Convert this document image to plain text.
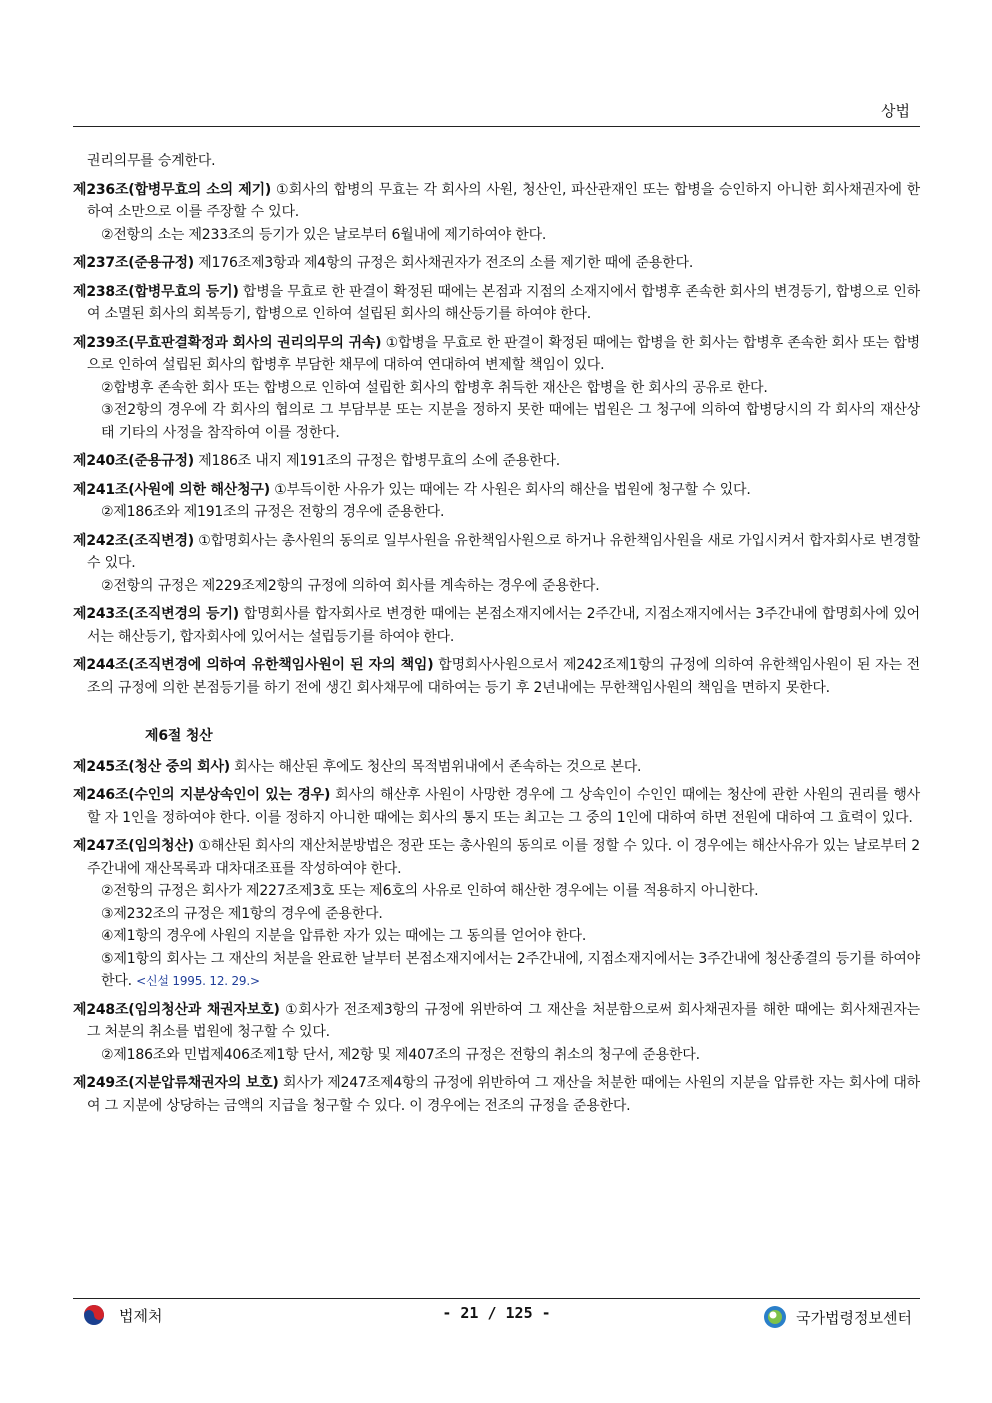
상법
권리의무를 승계한다.
제236조(합병무효의 소의 제기) ①회사의 합병의 무효는 각 회사의 사원, 청산인, 파산관재인 또는 합병을 승인하지 아니한 회사채권자에 한하여 소만으로 이를 주장할 수 있다.
②전항의 소는 제233조의 등기가 있은 날로부터 6월내에 제기하여야 한다.
제237조(준용규정) 제176조제3항과 제4항의 규정은 회사채권자가 전조의 소를 제기한 때에 준용한다.
제238조(합병무효의 등기) 합병을 무효로 한 판결이 확정된 때에는 본점과 지점의 소재지에서 합병후 존속한 회사의 변경등기, 합병으로 인하여 소멸된 회사의 회복등기, 합병으로 인하여 설립된 회사의 해산등기를 하여야 한다.
제239조(무효판결확정과 회사의 권리의무의 귀속) ①합병을 무효로 한 판결이 확정된 때에는 합병을 한 회사는 합병후 존속한 회사 또는 합병으로 인하여 설립된 회사의 합병후 부담한 채무에 대하여 연대하여 변제할 책임이 있다.
②합병후 존속한 회사 또는 합병으로 인하여 설립한 회사의 합병후 취득한 재산은 합병을 한 회사의 공유로 한다.
③전2항의 경우에 각 회사의 협의로 그 부담부분 또는 지분을 정하지 못한 때에는 법원은 그 청구에 의하여 합병당시의 각 회사의 재산상태 기타의 사정을 참작하여 이를 정한다.
제240조(준용규정) 제186조 내지 제191조의 규정은 합병무효의 소에 준용한다.
제241조(사원에 의한 해산청구) ①부득이한 사유가 있는 때에는 각 사원은 회사의 해산을 법원에 청구할 수 있다.
②제186조와 제191조의 규정은 전항의 경우에 준용한다.
제242조(조직변경) ①합명회사는 총사원의 동의로 일부사원을 유한책임사원으로 하거나 유한책임사원을 새로 가입시켜서 합자회사로 변경할 수 있다.
②전항의 규정은 제229조제2항의 규정에 의하여 회사를 계속하는 경우에 준용한다.
제243조(조직변경의 등기) 합명회사를 합자회사로 변경한 때에는 본점소재지에서는 2주간내, 지점소재지에서는 3주간내에 합명회사에 있어서는 해산등기, 합자회사에 있어서는 설립등기를 하여야 한다.
제244조(조직변경에 의하여 유한책임사원이 된 자의 책임) 합명회사사원으로서 제242조제1항의 규정에 의하여 유한책임사원이 된 자는 전조의 규정에 의한 본점등기를 하기 전에 생긴 회사채무에 대하여는 등기 후 2년내에는 무한책임사원의 책임을 면하지 못한다.
제6절 청산
제245조(청산 중의 회사) 회사는 해산된 후에도 청산의 목적범위내에서 존속하는 것으로 본다.
제246조(수인의 지분상속인이 있는 경우) 회사의 해산후 사원이 사망한 경우에 그 상속인이 수인인 때에는 청산에 관한 사원의 권리를 행사할 자 1인을 정하여야 한다. 이를 정하지 아니한 때에는 회사의 통지 또는 최고는 그 중의 1인에 대하여 하면 전원에 대하여 그 효력이 있다.
제247조(임의청산) ①해산된 회사의 재산처분방법은 정관 또는 총사원의 동의로 이를 정할 수 있다. 이 경우에는 해산사유가 있는 날로부터 2주간내에 재산목록과 대차대조표를 작성하여야 한다.
②전항의 규정은 회사가 제227조제3호 또는 제6호의 사유로 인하여 해산한 경우에는 이를 적용하지 아니한다.
③제232조의 규정은 제1항의 경우에 준용한다.
④제1항의 경우에 사원의 지분을 압류한 자가 있는 때에는 그 동의를 얻어야 한다.
⑤제1항의 회사는 그 재산의 처분을 완료한 날부터 본점소재지에서는 2주간내에, 지점소재지에서는 3주간내에 청산종결의 등기를 하여야 한다. <신설 1995. 12. 29.>
제248조(임의청산과 채권자보호) ①회사가 전조제3항의 규정에 위반하여 그 재산을 처분함으로써 회사채권자를 해한 때에는 회사채권자는 그 처분의 취소를 법원에 청구할 수 있다.
②제186조와 민법제406조제1항 단서, 제2항 및 제407조의 규정은 전항의 취소의 청구에 준용한다.
제249조(지분압류채권자의 보호) 회사가 제247조제4항의 규정에 위반하여 그 재산을 처분한 때에는 사원의 지분을 압류한 자는 회사에 대하여 그 지분에 상당하는 금액의 지급을 청구할 수 있다. 이 경우에는 전조의 규정을 준용한다.
법제처	- 21 / 125 -	국가법령정보센터
